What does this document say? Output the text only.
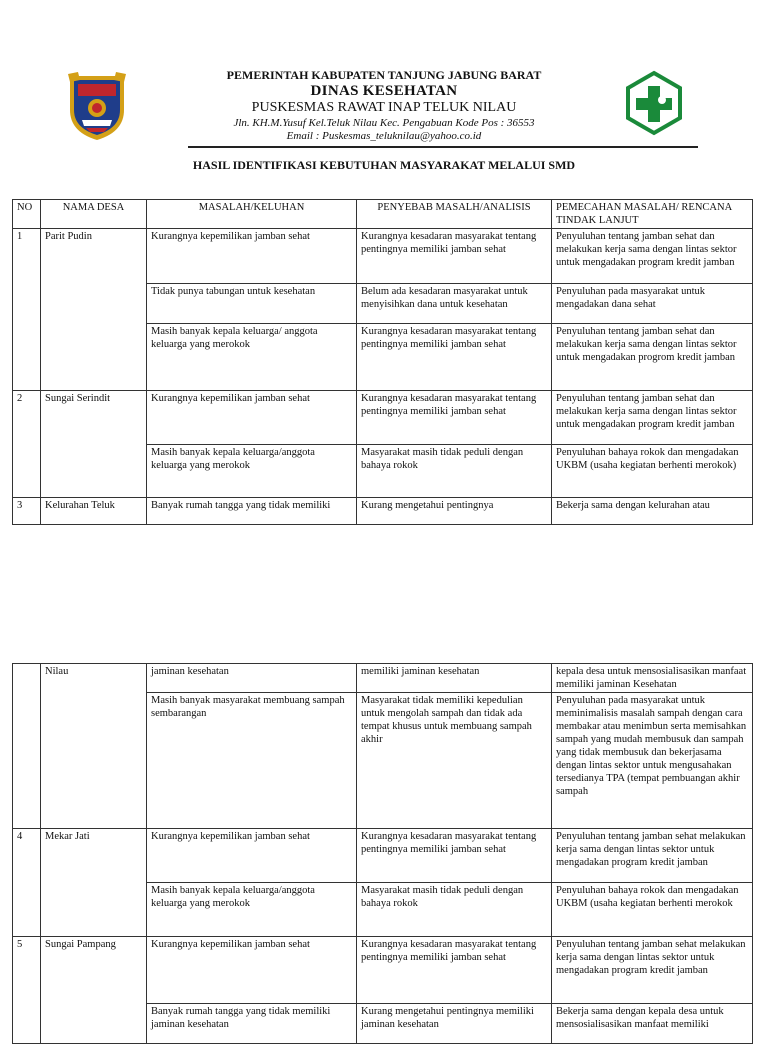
PEMERINTAH KABUPATEN TANJUNG JABUNG BARAT
DINAS KESEHATAN
PUSKESMAS RAWAT INAP TELUK NILAU
Jln. KH.M.Yusuf Kel.Teluk Nilau Kec. Pengabuan Kode Pos : 36553
Email : Puskesmas_teluknilau@yahoo.co.id
HASIL IDENTIFIKASI KEBUTUHAN MASYARAKAT MELALUI SMD
NO	NAMA DESA	MASALAH/KELUHAN	PENYEBAB MASALH/ANALISIS	PEMECAHAN MASALAH/ RENCANA TINDAK LANJUT
1	Parit Pudin	Kurangnya kepemilikan jamban sehat	Kurangnya kesadaran masyarakat tentang pentingnya memiliki jamban sehat	Penyuluhan tentang jamban sehat dan melakukan kerja sama dengan lintas sektor untuk mengadakan program kredit jamban
		Tidak punya tabungan untuk kesehatan	Belum ada kesadaran masyarakat untuk menyisihkan dana untuk kesehatan	Penyuluhan pada masyarakat untuk mengadakan dana sehat
		Masih banyak kepala keluarga/ anggota keluarga yang merokok	Kurangnya kesadaran masyarakat tentang pentingnya memiliki jamban sehat	Penyuluhan tentang jamban sehat dan melakukan kerja sama dengan lintas sektor untuk mengadakan progrom kredit jamban
2	Sungai Serindit	Kurangnya kepemilikan jamban sehat	Kurangnya kesadaran masyarakat tentang pentingnya memiliki jamban sehat	Penyuluhan tentang jamban sehat dan melakukan kerja sama dengan lintas sektor untuk mengadakan program kredit jamban
		Masih banyak kepala keluarga/anggota keluarga yang merokok	Masyarakat masih tidak peduli dengan bahaya rokok	Penyuluhan bahaya rokok dan mengadakan UKBM (usaha kegiatan berhenti merokok)
3	Kelurahan Teluk	Banyak rumah tangga yang tidak memiliki	Kurang mengetahui pentingnya	Bekerja sama dengan kelurahan atau
	Nilau	jaminan kesehatan	memiliki jaminan kesehatan	kepala desa untuk mensosialisasikan manfaat memiliki jaminan Kesehatan
		Masih banyak masyarakat membuang sampah sembarangan	Masyarakat tidak memiliki kepedulian untuk mengolah sampah dan tidak ada tempat khusus untuk membuang sampah akhir	Penyuluhan pada masyarakat untuk meminimalisis masalah sampah dengan cara membakar atau menimbun serta memisahkan sampah yang mudah membusuk dan sampah yang tidak membusuk dan bekerjasama dengan lintas sektor untuk mengusahakan tersedianya TPA (tempat pembuangan akhir sampah
4	Mekar Jati	Kurangnya kepemilikan jamban sehat	Kurangnya kesadaran masyarakat tentang pentingnya memiliki jamban sehat	Penyuluhan tentang jamban sehat melakukan kerja sama dengan lintas sektor untuk mengadakan program kredit jamban
		Masih banyak kepala keluarga/anggota keluarga yang merokok	Masyarakat masih tidak peduli dengan bahaya rokok	Penyuluhan bahaya rokok dan mengadakan UKBM (usaha kegiatan berhenti merokok
5	Sungai Pampang	Kurangnya kepemilikan jamban sehat	Kurangnya kesadaran masyarakat tentang pentingnya memiliki jamban sehat	Penyuluhan tentang jamban sehat melakukan kerja sama dengan lintas sektor untuk mengadakan program kredit jamban
		Banyak rumah tangga yang tidak memiliki jaminan kesehatan	Kurang mengetahui pentingnya memiliki jaminan kesehatan	Bekerja sama dengan kepala desa untuk mensosialisasikan manfaat memiliki
